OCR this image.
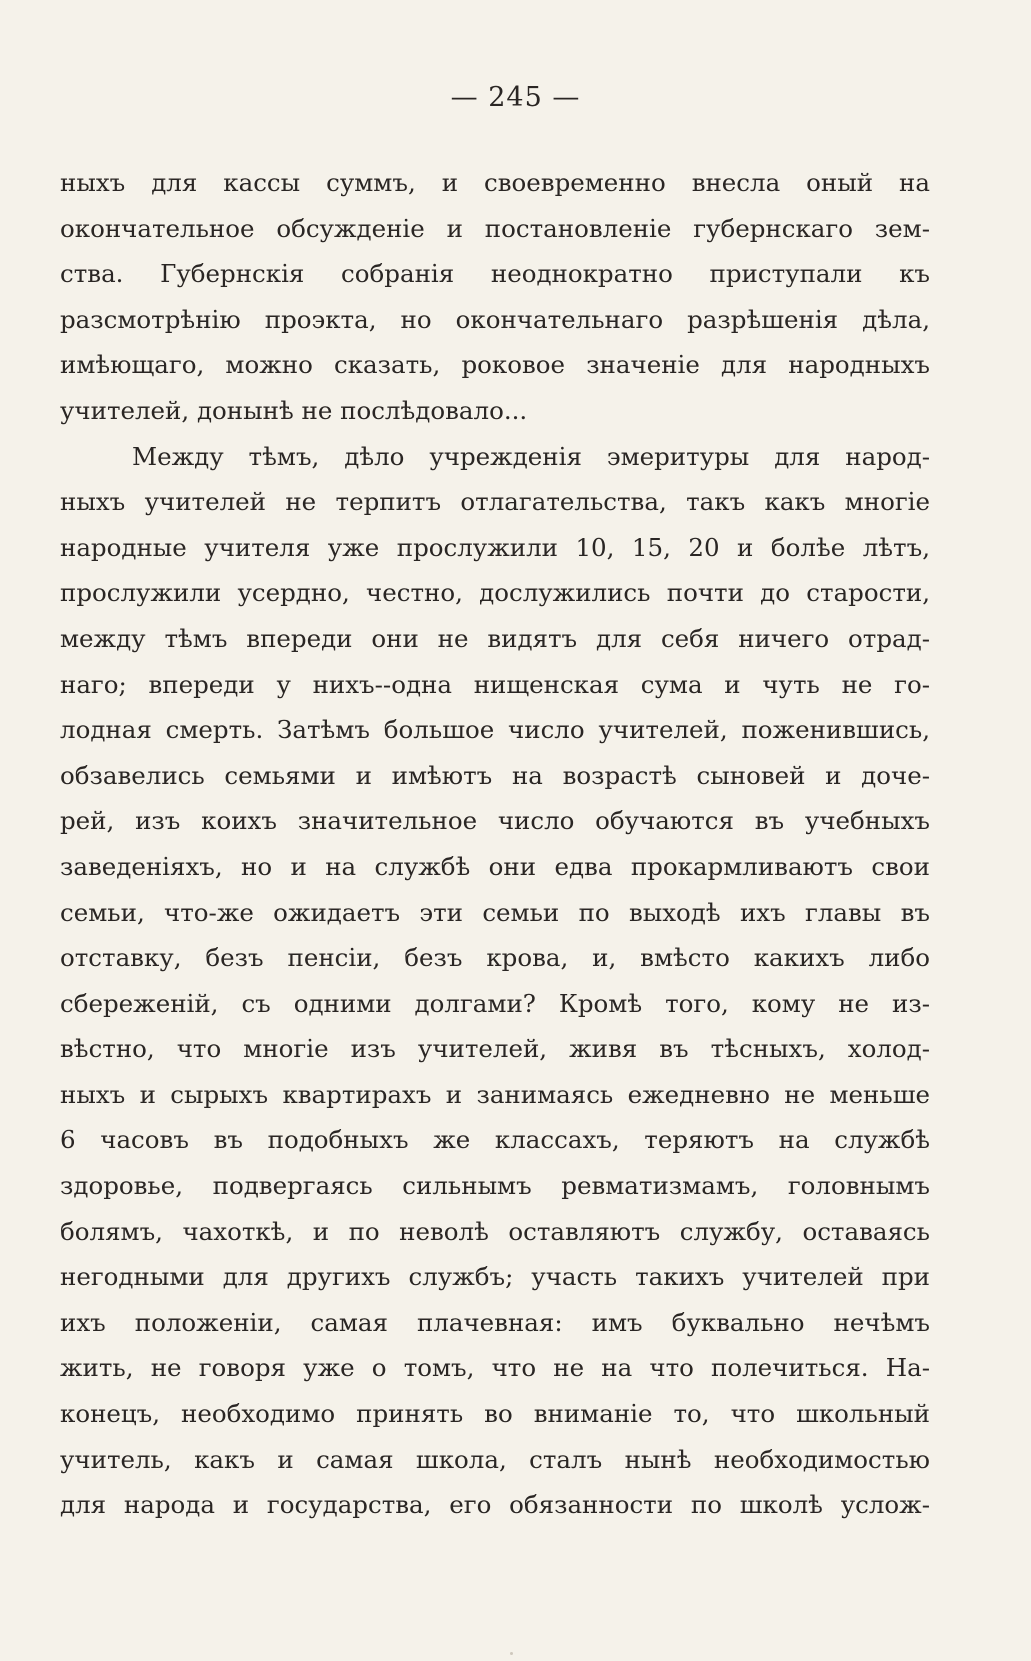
— 245 —
ныхъ для кассы суммъ, и своевременно внесла оный на
окончательное обсужденіе и постановленіе губернскаго зем-
ства. Губернскія собранія неоднократно приступали къ
разсмотрѣнію проэкта, но окончательнаго разрѣшенія дѣла,
имѣющаго, можно сказать, роковое значеніе для народныхъ
учителей, донынѣ не послѣдовало...
Между тѣмъ, дѣло учрежденія эмеритуры для народ-
ныхъ учителей не терпитъ отлагательства, такъ какъ многіе
народные учителя уже прослужили 10, 15, 20 и болѣе лѣтъ,
прослужили усердно, честно, дослужились почти до старости,
между тѣмъ впереди они не видятъ для себя ничего отрад-
наго; впереди у нихъ--одна нищенская сума и чуть не го-
лодная смерть. Затѣмъ большое число учителей, поженившись,
обзавелись семьями и имѣютъ на возрастѣ сыновей и доче-
рей, изъ коихъ значительное число обучаются въ учебныхъ
заведеніяхъ, но и на службѣ они едва прокармливаютъ свои
семьи, что-же ожидаетъ эти семьи по выходѣ ихъ главы въ
отставку, безъ пенсіи, безъ крова, и, вмѣсто какихъ либо
сбереженій, съ одними долгами? Кромѣ того, кому не из-
вѣстно, что многіе изъ учителей, живя въ тѣсныхъ, холод-
ныхъ и сырыхъ квартирахъ и занимаясь ежедневно не меньше
6 часовъ въ подобныхъ же классахъ, теряютъ на службѣ
здоровье, подвергаясь сильнымъ ревматизмамъ, головнымъ
болямъ, чахоткѣ, и по неволѣ оставляютъ службу, оставаясь
негодными для другихъ службъ; участь такихъ учителей при
ихъ положеніи, самая плачевная: имъ буквально нечѣмъ
жить, не говоря уже о томъ, что не на что полечиться. На-
конецъ, необходимо принять во вниманіе то, что школьный
учитель, какъ и самая школа, сталъ нынѣ необходимостью
для народа и государства, его обязанности по школѣ услож-
